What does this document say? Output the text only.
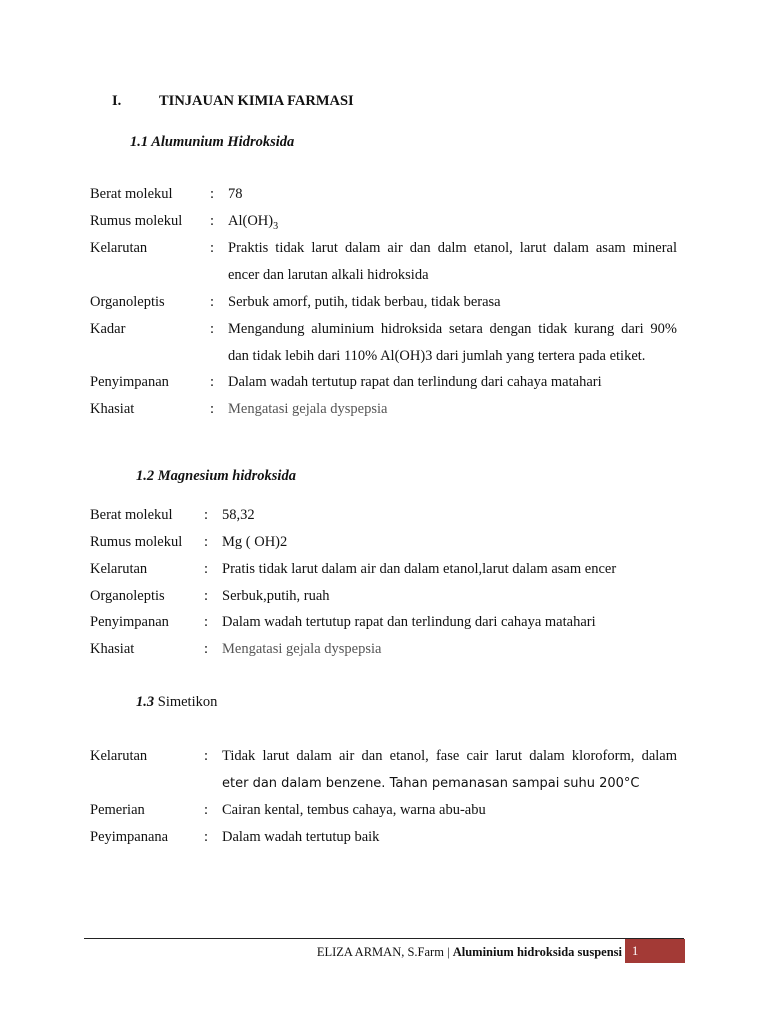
I.	TINJAUAN KIMIA FARMASI
1.1 Alumunium Hidroksida
Berat molekul	: 78
Rumus molekul : $Al(OH)_3$
Kelarutan	: Praktis tidak larut dalam air dan dalm etanol, larut dalam asam mineral
encer dan larutan alkali hidroksida
Organoleptis	: Serbuk amorf, putih, tidak berbau, tidak berasa
Kadar	: Mengandung aluminium hidroksida setara dengan tidak kurang dari 90%
dan tidak lebih dari 110% Al(OH)3 dari jumlah yang tertera pada etiket.
Penyimpanan	: Dalam wadah tertutup rapat dan terlindung dari cahaya matahari
Khasiat	: Mengatasi gejala dyspepsia
1.2 Magnesium hidroksida
Berat molekul : 58,32
Rumus molekul : Mg ( OH)2
Kelarutan	: Pratis tidak larut dalam air dan dalam etanol,larut dalam asam encer
Organoleptis	: Serbuk,putih, ruah
Penyimpanan : Dalam wadah tertutup rapat dan terlindung dari cahaya matahari
Khasiat	: Mengatasi gejala dyspepsia
1.3 Simetikon
Kelarutan	: Tidak larut dalam air dan etanol, fase cair larut dalam kloroform, dalam
eter dan dalam benzene. Tahan pemanasan sampai suhu 200°C
Pemerian	: Cairan kental, tembus cahaya, warna abu-abu
Peyimpanana : Dalam wadah tertutup baik
ELIZA ARMAN, S.Farm | Aluminium hidroksida suspensi 1
